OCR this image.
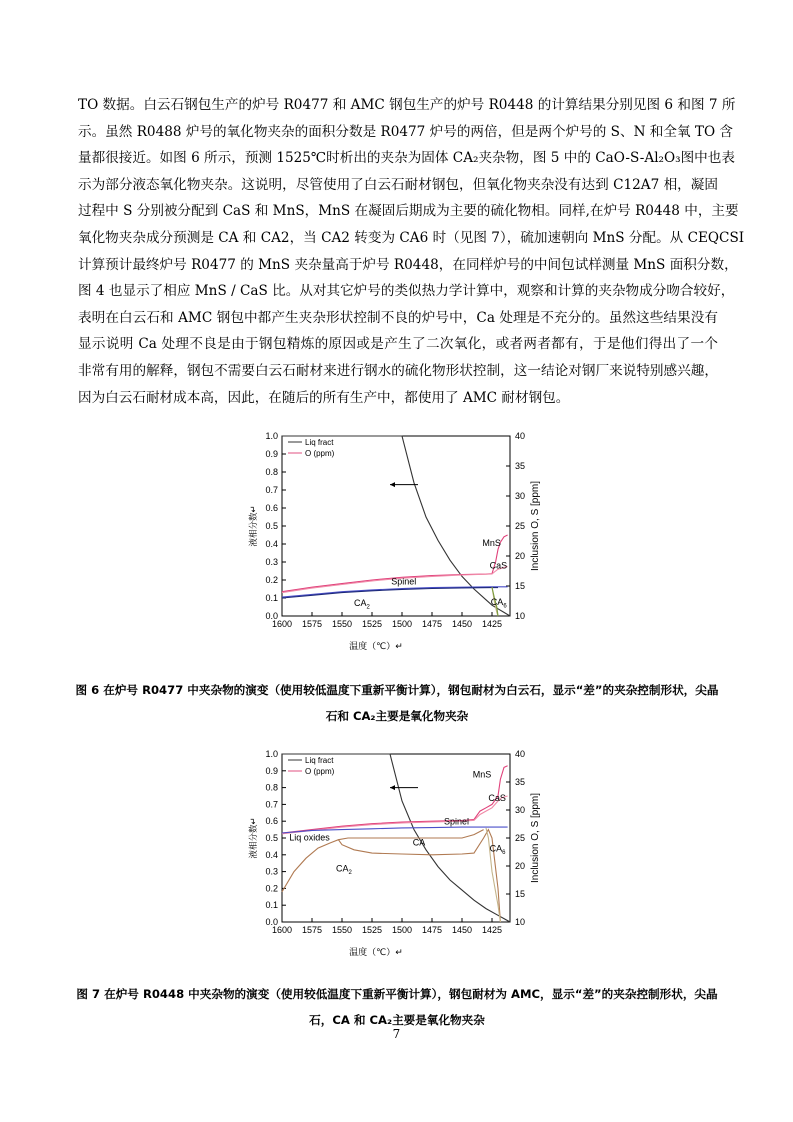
TO 数据。白云石钢包生产的炉号 R0477 和 AMC 钢包生产的炉号 R0448 的计算结果分别见图 6 和图 7 所
示。虽然 R0488 炉号的氧化物夹杂的面积分数是 R0477 炉号的两倍，但是两个炉号的 S、N 和全氧 TO 含
量都很接近。如图 6 所示，预测 1525℃时析出的夹杂为固体 CA₂夹杂物，图 5 中的 CaO-S-Al₂O₃图中也表
示为部分液态氧化物夹杂。这说明，尽管使用了白云石耐材钢包，但氧化物夹杂没有达到 C12A7 相，凝固
过程中 S 分别被分配到 CaS 和 MnS，MnS 在凝固后期成为主要的硫化物相。同样,在炉号 R0448 中，主要
氧化物夹杂成分预测是 CA 和 CA2，当 CA2 转变为 CA6 时（见图 7），硫加速朝向 MnS 分配。从 CEQCSI
计算预计最终炉号 R0477 的 MnS 夹杂量高于炉号 R0448，在同样炉号的中间包试样测量 MnS 面积分数，
图 4 也显示了相应 MnS / CaS 比。从对其它炉号的类似热力学计算中，观察和计算的夹杂物成分吻合较好，
表明在白云石和 AMC 钢包中都产生夹杂形状控制不良的炉号中，Ca 处理是不充分的。虽然这些结果没有
显示说明 Ca 处理不良是由于钢包精炼的原因或是产生了二次氧化，或者两者都有，于是他们得出了一个
非常有用的解释，钢包不需要白云石耐材来进行钢水的硫化物形状控制，这一结论对钢厂来说特别感兴趣，
因为白云石耐材成本高，因此，在随后的所有生产中，都使用了 AMC 耐材钢包。

0.0
0.1
0.2
0.3
0.4
0.5
0.6
0.7
0.8
0.9
1.0
10
15
20
25
30
35
40
1600 1575 1550 1525 1500 1475 1450 1425
液相分数↵	Inclusion O, S [ppm]
温度（℃）↵
Liq fract
O (ppm)
MnS
CaS
Spinel
$CA_2$
$CA_6$

图 6 在炉号 R0477 中夹杂物的演变（使用较低温度下重新平衡计算），钢包耐材为白云石，显示“差”的夹杂控制形状，尖晶
石和 CA₂主要是氧化物夹杂

0.0
0.1
0.2
0.3
0.4
0.5
0.6
0.7
0.8
0.9
1.0
10
15
20
25
30
35
40
1600 1575 1550 1525 1500 1475 1450 1425
液相分数↵	Inclusion O, S [ppm]
温度（℃）↵
Liq fract
O (ppm)	MnS
CaS
Spinel
Liq oxides
CA
$CA_2$
$CA_6$

图 7 在炉号 R0448 中夹杂物的演变（使用较低温度下重新平衡计算），钢包耐材为 AMC，显示“差”的夹杂控制形状，尖晶
石，CA 和 CA₂主要是氧化物夹杂

7
